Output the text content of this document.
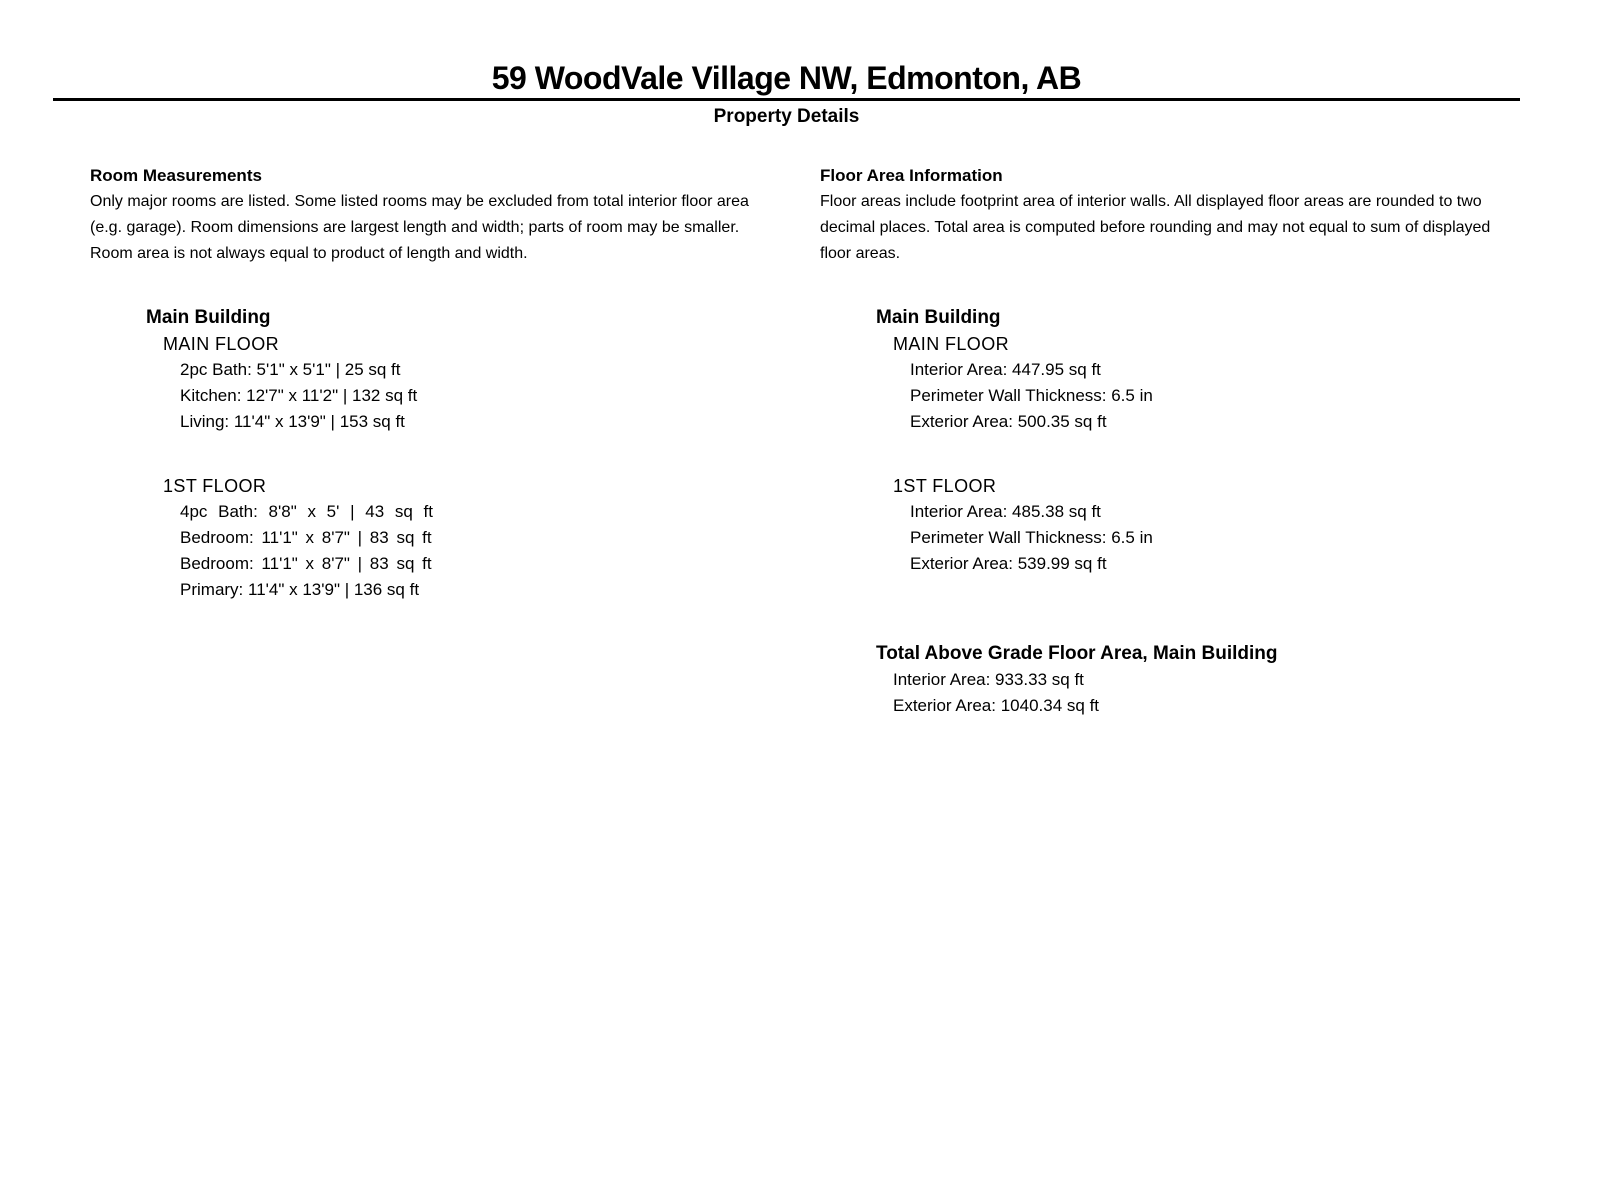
59 WoodVale Village NW, Edmonton, AB
Property Details
Room Measurements
Only major rooms are listed. Some listed rooms may be excluded from total interior floor area
(e.g. garage). Room dimensions are largest length and width; parts of room may be smaller.
Room area is not always equal to product of length and width.
Floor Area Information
Floor areas include footprint area of interior walls. All displayed floor areas are rounded to two
decimal places. Total area is computed before rounding and may not equal to sum of displayed
floor areas.
Main Building
MAIN FLOOR
2pc Bath: 5'1" x 5'1" | 25 sq ft
Kitchen: 12'7" x 11'2" | 132 sq ft
Living: 11'4" x 13'9" | 153 sq ft
Main Building
MAIN FLOOR
Interior Area: 447.95 sq ft
Perimeter Wall Thickness: 6.5 in
Exterior Area: 500.35 sq ft
1ST FLOOR
4pc Bath: 8'8" x 5' | 43 sq ft
Bedroom: 11'1" x 8'7" | 83 sq ft
Bedroom: 11'1" x 8'7" | 83 sq ft
Primary: 11'4" x 13'9" | 136 sq ft
1ST FLOOR
Interior Area: 485.38 sq ft
Perimeter Wall Thickness: 6.5 in
Exterior Area: 539.99 sq ft
Total Above Grade Floor Area, Main Building
Interior Area: 933.33 sq ft
Exterior Area: 1040.34 sq ft
